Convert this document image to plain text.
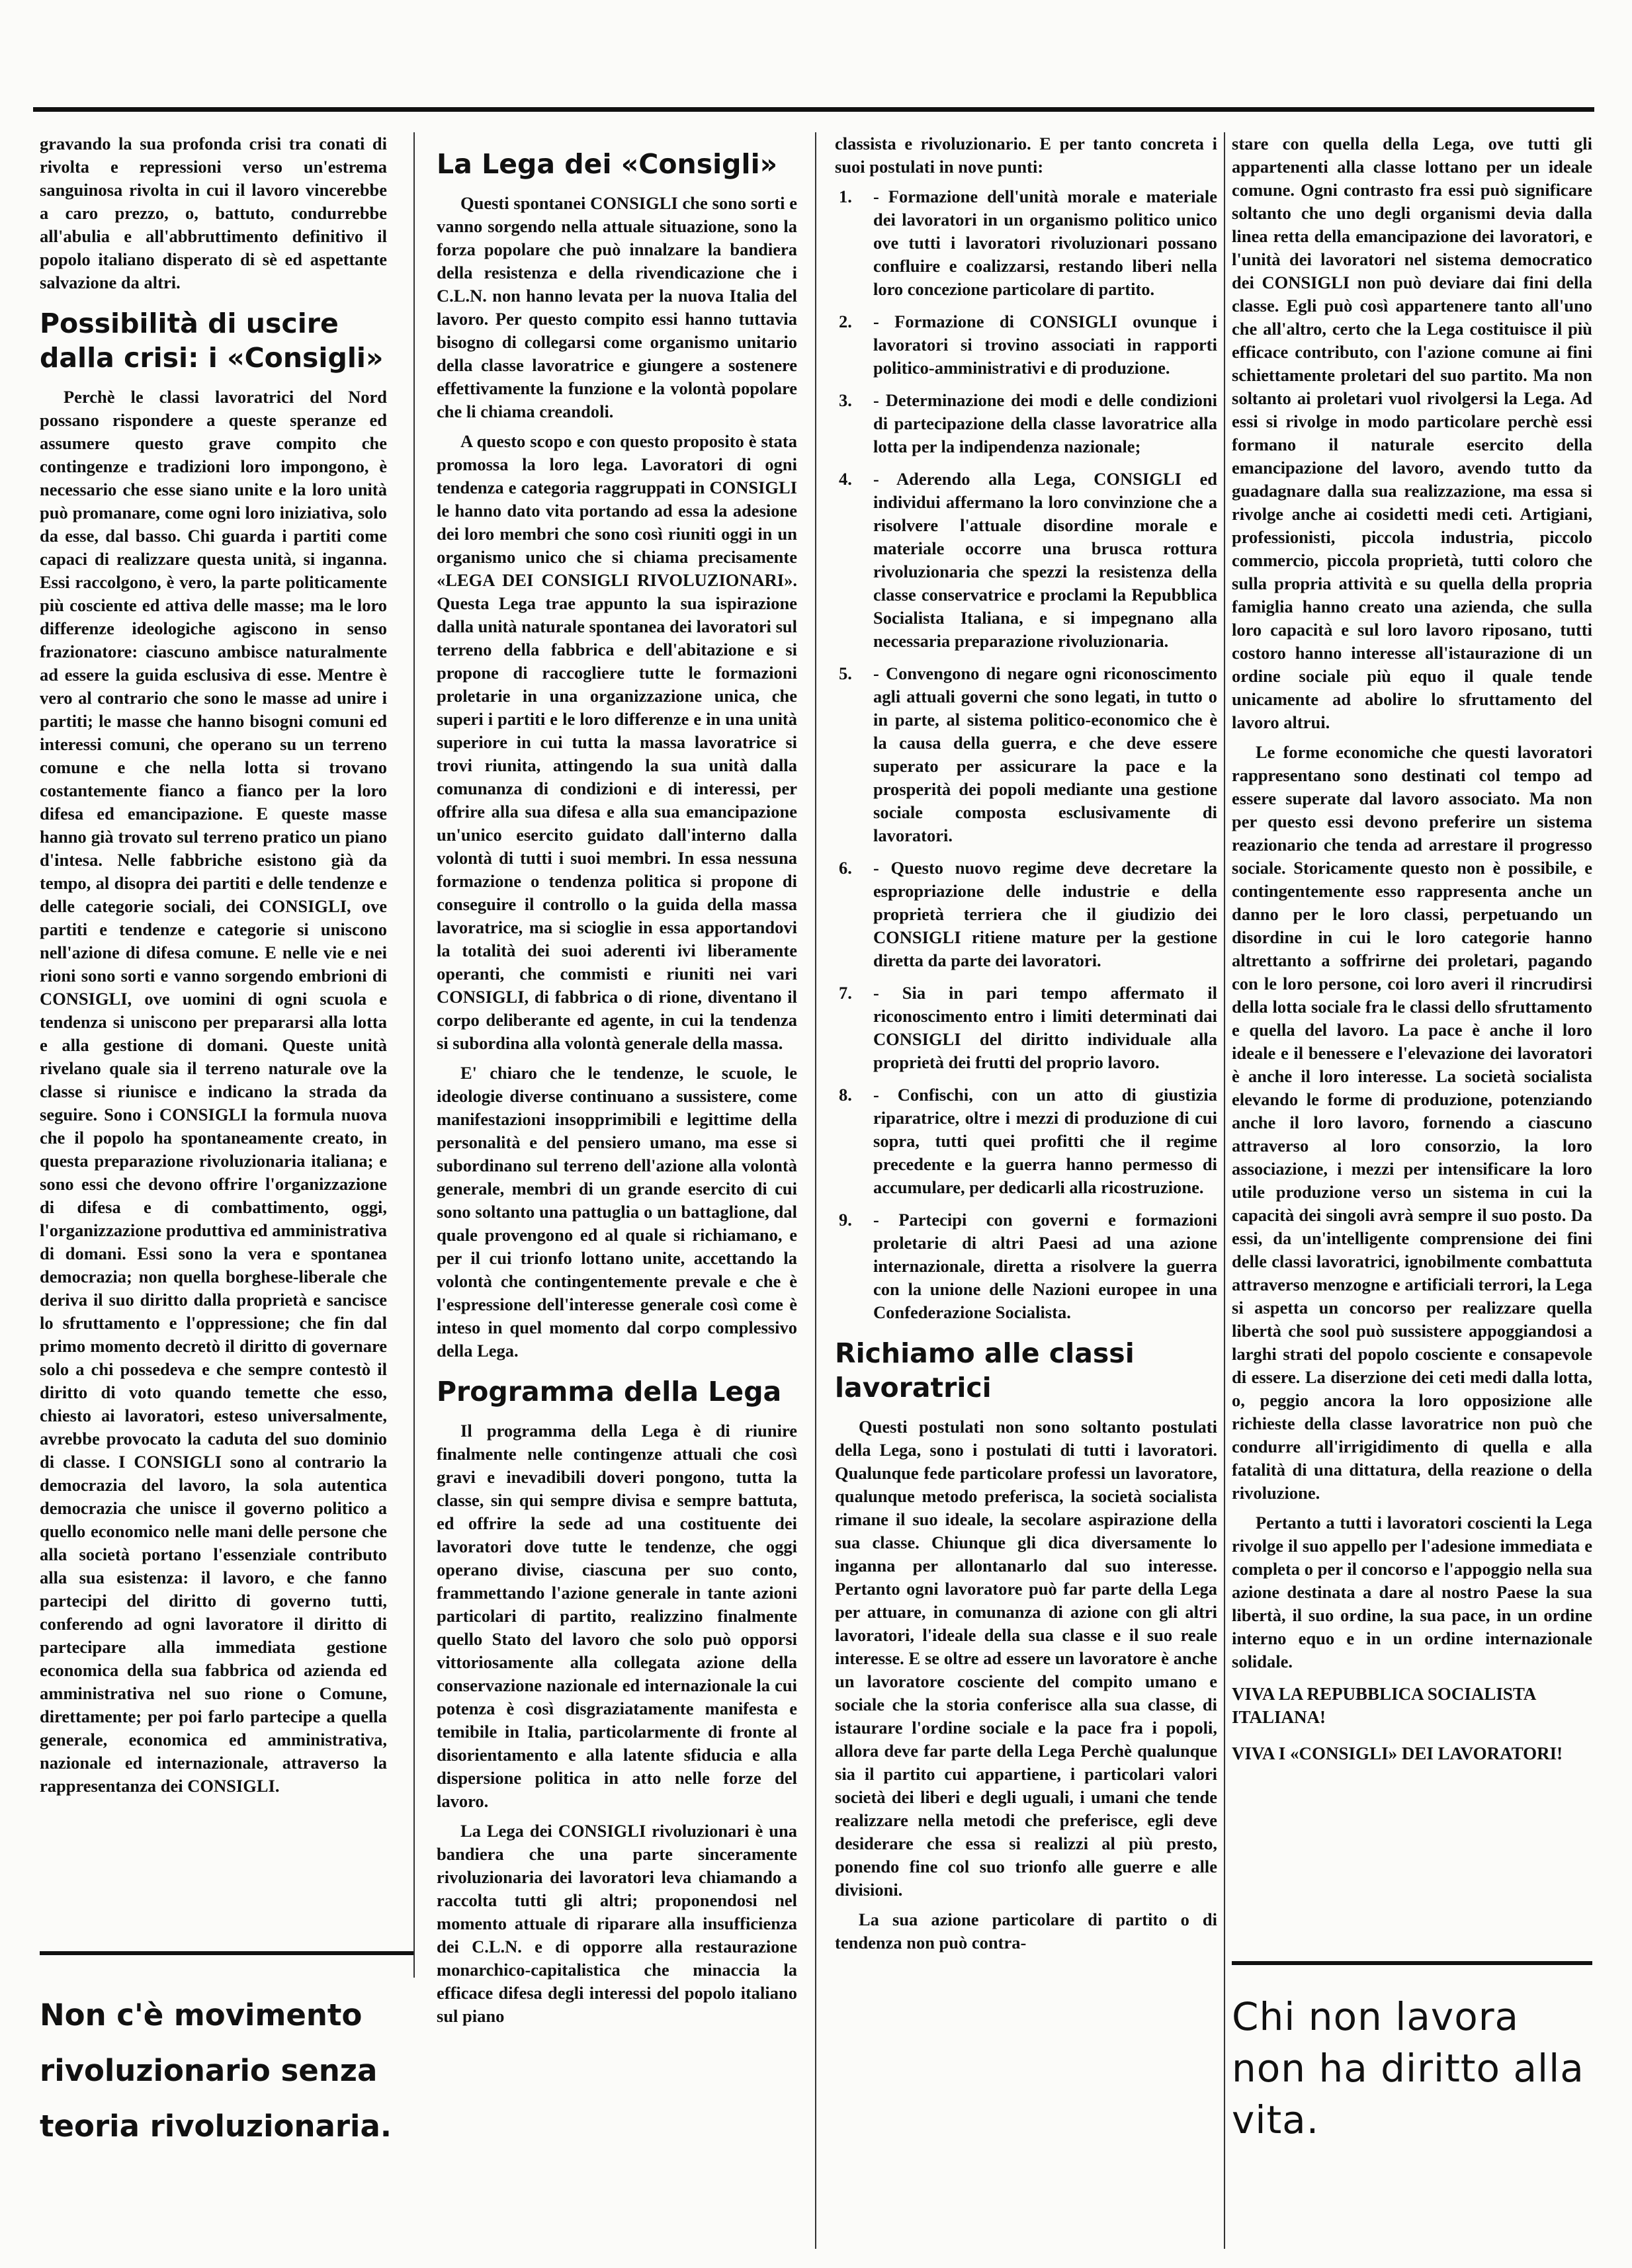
gravando la sua profonda crisi tra conati di rivolta e repressioni verso un'estrema sanguinosa rivolta in cui il lavoro vincerebbe a caro prezzo, o, battuto, condurrebbe all'abulia e all'abbruttimento definitivo il popolo italiano disperato di sè ed aspettante salvazione da altri.

Possibilità di uscire dalla crisi: i «Consigli»

Perchè le classi lavoratrici del Nord possano rispondere a queste speranze ed assumere questo grave compito che contingenze e tradizioni loro impongono, è necessario che esse siano unite e la loro unità può promanare, come ogni loro iniziativa, solo da esse, dal basso. Chi guarda i partiti come capaci di realizzare questa unità, si inganna. Essi raccolgono, è vero, la parte politicamente più cosciente ed attiva delle masse; ma le loro differenze ideologiche agiscono in senso frazionatore: ciascuno ambisce naturalmente ad essere la guida esclusiva di esse. Mentre è vero al contrario che sono le masse ad unire i partiti; le masse che hanno bisogni comuni ed interessi comuni, che operano su un terreno comune e che nella lotta si trovano costantemente fianco a fianco per la loro difesa ed emancipazione. E queste masse hanno già trovato sul terreno pratico un piano d'intesa. Nelle fabbriche esistono già da tempo, al disopra dei partiti e delle tendenze e delle categorie sociali, dei CONSIGLI, ove partiti e tendenze e categorie si uniscono nell'azione di difesa comune. E nelle vie e nei rioni sono sorti e vanno sorgendo embrioni di CONSIGLI, ove uomini di ogni scuola e tendenza si uniscono per prepararsi alla lotta e alla gestione di domani. Queste unità rivelano quale sia il terreno naturale ove la classe si riunisce e indicano la strada da seguire. Sono i CONSIGLI la formula nuova che il popolo ha spontaneamente creato, in questa preparazione rivoluzionaria italiana; e sono essi che devono offrire l'organizzazione di difesa e di combattimento, oggi, l'organizzazione produttiva ed amministrativa di domani. Essi sono la vera e spontanea democrazia; non quella borghese-liberale che deriva il suo diritto dalla proprietà e sancisce lo sfruttamento e l'oppressione; che fin dal primo momento decretò il diritto di governare solo a chi possedeva e che sempre contestò il diritto di voto quando temette che esso, chiesto ai lavoratori, esteso universalmente, avrebbe provocato la caduta del suo dominio di classe. I CONSIGLI sono al contrario la democrazia del lavoro, la sola autentica democrazia che unisce il governo politico a quello economico nelle mani delle persone che alla società portano l'essenziale contributo alla sua esistenza: il lavoro, e che fanno partecipi del diritto di governo tutti, conferendo ad ogni lavoratore il diritto di partecipare alla immediata gestione economica della sua fabbrica od azienda ed amministrativa nel suo rione o Comune, direttamente; per poi farlo partecipe a quella generale, economica ed amministrativa, nazionale ed internazionale, attraverso la rappresentanza dei CONSIGLI.

Non c'è movimento rivoluzionario senza teoria rivoluzionaria.
La Lega dei «Consigli»

Questi spontanei CONSIGLI che sono sorti e vanno sorgendo nella attuale situazione, sono la forza popolare che può innalzare la bandiera della resistenza e della rivendicazione che i C.L.N. non hanno levata per la nuova Italia del lavoro. Per questo compito essi hanno tuttavia bisogno di collegarsi come organismo unitario della classe lavoratrice e giungere a sostenere effettivamente la funzione e la volontà popolare che li chiama creandoli.

A questo scopo e con questo proposito è stata promossa la loro lega. Lavoratori di ogni tendenza e categoria raggruppati in CONSIGLI le hanno dato vita portando ad essa la adesione dei loro membri che sono così riuniti oggi in un organismo unico che si chiama precisamente «LEGA DEI CONSIGLI RIVOLUZIONARI». Questa Lega trae appunto la sua ispirazione dalla unità naturale spontanea dei lavoratori sul terreno della fabbrica e dell'abitazione e si propone di raccogliere tutte le formazioni proletarie in una organizzazione unica, che superi i partiti e le loro differenze e in una unità superiore in cui tutta la massa lavoratrice si trovi riunita, attingendo la sua unità dalla comunanza di condizioni e di interessi, per offrire alla sua difesa e alla sua emancipazione un'unico esercito guidato dall'interno dalla volontà di tutti i suoi membri. In essa nessuna formazione o tendenza politica si propone di conseguire il controllo o la guida della massa lavoratrice, ma si scioglie in essa apportandovi la totalità dei suoi aderenti ivi liberamente operanti, che commisti e riuniti nei vari CONSIGLI, di fabbrica o di rione, diventano il corpo deliberante ed agente, in cui la tendenza si subordina alla volontà generale della massa.

E' chiaro che le tendenze, le scuole, le ideologie diverse continuano a sussistere, come manifestazioni insopprimibili e legittime della personalità e del pensiero umano, ma esse si subordinano sul terreno dell'azione alla volontà generale, membri di un grande esercito di cui sono soltanto una pattuglia o un battaglione, dal quale provengono ed al quale si richiamano, e per il cui trionfo lottano unite, accettando la volontà che contingentemente prevale e che è l'espressione dell'interesse generale così come è inteso in quel momento dal corpo complessivo della Lega.

Programma della Lega

Il programma della Lega è di riunire finalmente nelle contingenze attuali che così gravi e inevadibili doveri pongono, tutta la classe, sin qui sempre divisa e sempre battuta, ed offrire la sede ad una costituente dei lavoratori dove tutte le tendenze, che oggi operano divise, ciascuna per suo conto, frammettando l'azione generale in tante azioni particolari di partito, realizzino finalmente quello Stato del lavoro che solo può opporsi vittoriosamente alla collegata azione della conservazione nazionale ed internazionale la cui potenza è così disgraziatamente manifesta e temibile in Italia, particolarmente di fronte al disorientamento e alla latente sfiducia e alla dispersione politica in atto nelle forze del lavoro.

La Lega dei CONSIGLI rivoluzionari è una bandiera che una parte sinceramente rivoluzionaria dei lavoratori leva chiamando a raccolta tutti gli altri; proponendosi nel momento attuale di riparare alla insufficienza dei C.L.N. e di opporre alla restaurazione monarchico-capitalistica che minaccia la efficace difesa degli interessi del popolo italiano sul piano

classista e rivoluzionario. E per tanto concreta i suoi postulati in nove punti:

1. - Formazione dell'unità morale e materiale dei lavoratori in un organismo politico unico ove tutti i lavoratori rivoluzionari possano confluire e coalizzarsi, restando liberi nella loro concezione particolare di partito.
2. - Formazione di CONSIGLI ovunque i lavoratori si trovino associati in rapporti politico-amministrativi e di produzione.
3. - Determinazione dei modi e delle condizioni di partecipazione della classe lavoratrice alla lotta per la indipendenza nazionale;
4. - Aderendo alla Lega, CONSIGLI ed individui affermano la loro convinzione che a risolvere l'attuale disordine morale e materiale occorre una brusca rottura rivoluzionaria che spezzi la resistenza della classe conservatrice e proclami la Repubblica Socialista Italiana, e si impegnano alla necessaria preparazione rivoluzionaria.
5. - Convengono di negare ogni riconoscimento agli attuali governi che sono legati, in tutto o in parte, al sistema politico-economico che è la causa della guerra, e che deve essere superato per assicurare la pace e la prosperità dei popoli mediante una gestione sociale composta esclusivamente di lavoratori.
6. - Questo nuovo regime deve decretare la espropriazione delle industrie e della proprietà terriera che il giudizio dei CONSIGLI ritiene mature per la gestione diretta da parte dei lavoratori.
7. - Sia in pari tempo affermato il riconoscimento entro i limiti determinati dai CONSIGLI del diritto individuale alla proprietà dei frutti del proprio lavoro.
8. - Confischi, con un atto di giustizia riparatrice, oltre i mezzi di produzione di cui sopra, tutti quei profitti che il regime precedente e la guerra hanno permesso di accumulare, per dedicarli alla ricostruzione.
9. - Partecipi con governi e formazioni proletarie di altri Paesi ad una azione internazionale, diretta a risolvere la guerra con la unione delle Nazioni europee in una Confederazione Socialista.
Richiamo alle classi lavoratrici

Questi postulati non sono soltanto postulati della Lega, sono i postulati di tutti i lavoratori. Qualunque fede particolare professi un lavoratore, qualunque metodo preferisca, la società socialista rimane il suo ideale, la secolare aspirazione della sua classe. Chiunque gli dica diversamente lo inganna per allontanarlo dal suo interesse. Pertanto ogni lavoratore può far parte della Lega per attuare, in comunanza di azione con gli altri lavoratori, l'ideale della sua classe e il suo reale interesse. E se oltre ad essere un lavoratore è anche un lavoratore cosciente del compito umano e sociale che la storia conferisce alla sua classe, di istaurare l'ordine sociale e la pace fra i popoli, allora deve far parte della Lega Perchè qualunque sia il partito cui appartiene, i particolari valori società dei liberi e degli uguali, i umani che tende realizzare nella metodi che preferisce, egli deve desiderare che essa si realizzi al più presto, ponendo fine col suo trionfo alle guerre e alle divisioni.

La sua azione particolare di partito o di tendenza non può contra-

stare con quella della Lega, ove tutti gli appartenenti alla classe lottano per un ideale comune. Ogni contrasto fra essi può significare soltanto che uno degli organismi devia dalla linea retta della emancipazione dei lavoratori, e l'unità dei lavoratori nel sistema democratico dei CONSIGLI non può deviare dai fini della classe. Egli può così appartenere tanto all'uno che all'altro, certo che la Lega costituisce il più efficace contributo, con l'azione comune ai fini schiettamente proletari del suo partito. Ma non soltanto ai proletari vuol rivolgersi la Lega. Ad essi si rivolge in modo particolare perchè essi formano il naturale esercito della emancipazione del lavoro, avendo tutto da guadagnare dalla sua realizzazione, ma essa si rivolge anche ai cosidetti medi ceti. Artigiani, professionisti, piccola industria, piccolo commercio, piccola proprietà, tutti coloro che sulla propria attività e su quella della propria famiglia hanno creato una azienda, che sulla loro capacità e sul loro lavoro riposano, tutti costoro hanno interesse all'istaurazione di un ordine sociale più equo il quale tende unicamente ad abolire lo sfruttamento del lavoro altrui.

Le forme economiche che questi lavoratori rappresentano sono destinati col tempo ad essere superate dal lavoro associato. Ma non per questo essi devono preferire un sistema reazionario che tenda ad arrestare il progresso sociale. Storicamente questo non è possibile, e contingentemente esso rappresenta anche un danno per le loro classi, perpetuando un disordine in cui le loro categorie hanno altrettanto a soffrirne dei proletari, pagando con le loro persone, coi loro averi il rincrudirsi della lotta sociale fra le classi dello sfruttamento e quella del lavoro. La pace è anche il loro ideale e il benessere e l'elevazione dei lavoratori è anche il loro interesse. La società socialista elevando le forme di produzione, potenziando anche il loro lavoro, fornendo a ciascuno attraverso al loro consorzio, la loro associazione, i mezzi per intensificare la loro utile produzione verso un sistema in cui la capacità dei singoli avrà sempre il suo posto. Da essi, da un'intelligente comprensione dei fini delle classi lavoratrici, ignobilmente combattuta attraverso menzogne e artificiali terrori, la Lega si aspetta un concorso per realizzare quella libertà che sool può sussistere appoggiandosi a larghi strati del popolo cosciente e consapevole di essere. La diserzione dei ceti medi dalla lotta, o, peggio ancora la loro opposizione alle richieste della classe lavoratrice non può che condurre all'irrigidimento di quella e alla fatalità di una dittatura, della reazione o della rivoluzione.

Pertanto a tutti i lavoratori coscienti la Lega rivolge il suo appello per l'adesione immediata e completa o per il concorso e l'appoggio nella sua azione destinata a dare al nostro Paese la sua libertà, il suo ordine, la sua pace, in un ordine interno equo e in un ordine internazionale solidale.

VIVA LA REPUBBLICA SOCIALISTA ITALIANA!
VIVA I «CONSIGLI» DEI LAVORATORI!
Chi non lavora non ha diritto alla vita.
